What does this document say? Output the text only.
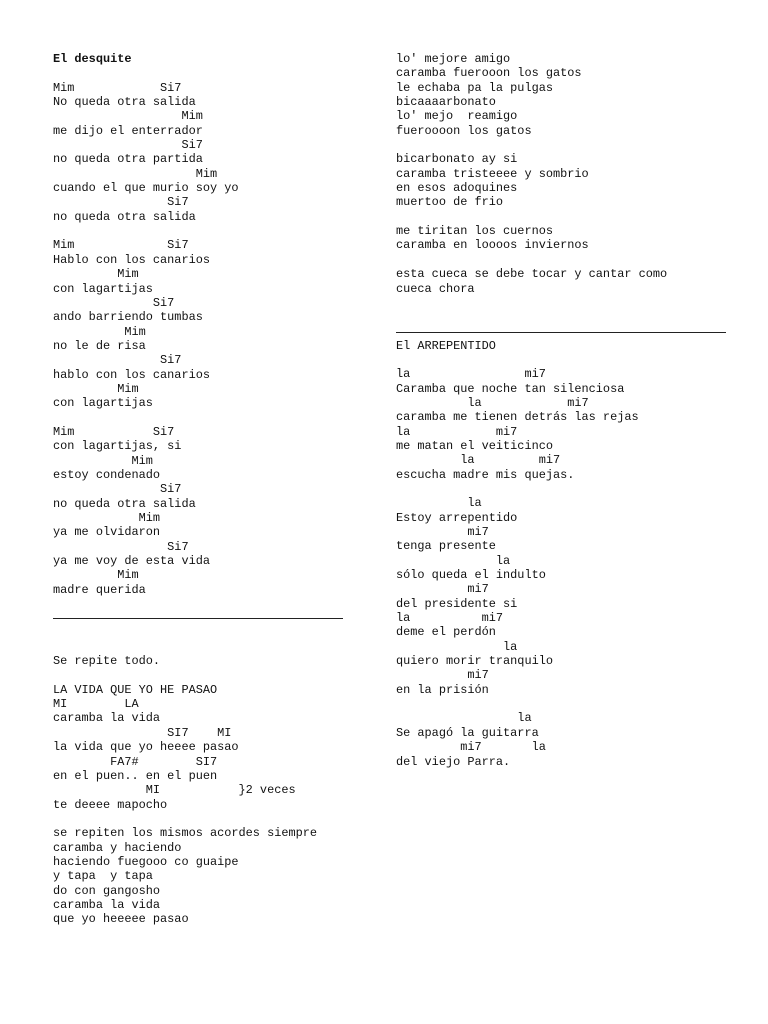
El desquite
Mim            Si7
No queda otra salida
Mim
me dijo el enterrador
Si7
no queda otra partida
Mim
cuando el que murio soy yo
Si7
no queda otra salida
Mim             Si7
Hablo con los canarios
Mim
con lagartijas
Si7
ando barriendo tumbas
Mim
no le de risa
Si7
hablo con los canarios
Mim
con lagartijas
Mim           Si7
con lagartijas, si
Mim
estoy condenado
Si7
no queda otra salida
Mim
ya me olvidaron
Si7
ya me voy de esta vida
Mim
madre querida
Se repite todo.
LA VIDA QUE YO HE PASAO
MI        LA
caramba la vida
SI7    MI
la vida que yo heeee pasao
FA7#        SI7
en el puen.. en el puen
MI           }2 veces
te deeee mapocho
se repiten los mismos acordes siempre
caramba y haciendo
haciendo fuegooo co guaipe
y tapa  y tapa
do con gangosho
caramba la vida
que yo heeeee pasao
lo' mejore amigo
caramba fuerooon los gatos
le echaba pa la pulgas
bicaaaarbonato
lo' mejo  reamigo
fueroooon los gatos
bicarbonato ay si
caramba tristeeee y sombrio
en esos adoquines
muertoo de frio
me tiritan los cuernos
caramba en loooos inviernos
esta cueca se debe tocar y cantar como
cueca chora
El ARREPENTIDO
la                mi7
Caramba que noche tan silenciosa
la            mi7
caramba me tienen detrás las rejas
la            mi7
me matan el veiticinco
la         mi7
escucha madre mis quejas.
la
Estoy arrepentido
mi7
tenga presente
la
sólo queda el indulto
mi7
del presidente si
la          mi7
deme el perdón
la
quiero morir tranquilo
mi7
en la prisión
la
Se apagó la guitarra
mi7       la
del viejo Parra.
